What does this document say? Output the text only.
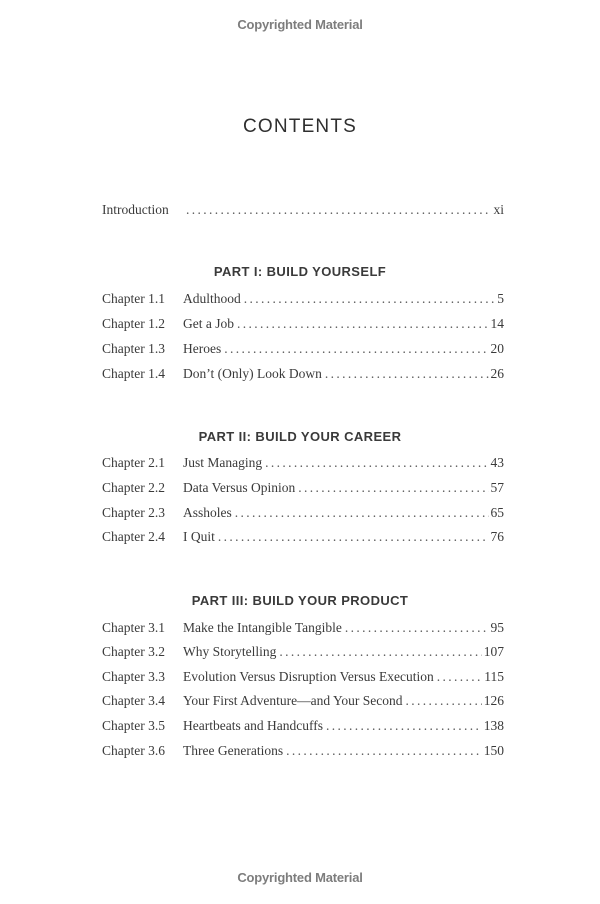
Copyrighted Material
CONTENTS
Introduction . . .	xi
PART I: BUILD YOURSELF
Chapter 1.1	Adulthood . . .	5
Chapter 1.2	Get a Job . . .	14
Chapter 1.3	Heroes . . .	20
Chapter 1.4	Don’t (Only) Look Down . . .	26
PART II: BUILD YOUR CAREER
Chapter 2.1	Just Managing . . .	43
Chapter 2.2	Data Versus Opinion . . .	57
Chapter 2.3	Assholes . . .	65
Chapter 2.4	I Quit . . .	76
PART III: BUILD YOUR PRODUCT
Chapter 3.1	Make the Intangible Tangible . . .	95
Chapter 3.2	Why Storytelling . . .	107
Chapter 3.3	Evolution Versus Disruption Versus Execution . . .	115
Chapter 3.4	Your First Adventure—and Your Second . . .	126
Chapter 3.5	Heartbeats and Handcuffs . . .	138
Chapter 3.6	Three Generations . . .	150
Copyrighted Material
